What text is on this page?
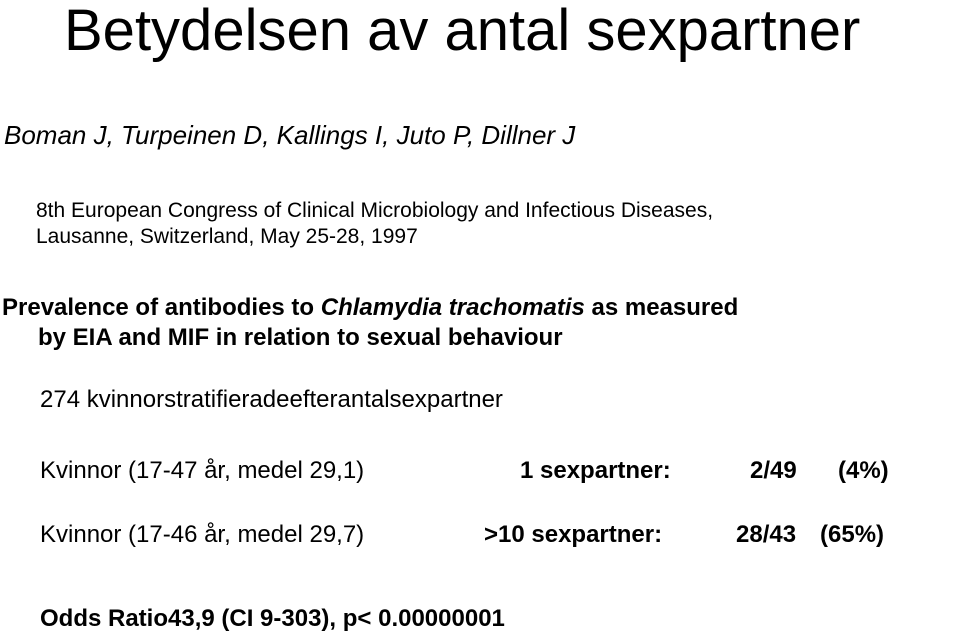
Betydelsen av antal sexpartner
Boman J, Turpeinen D, Kallings I, Juto P, Dillner J
8th European Congress of Clinical Microbiology and Infectious Diseases,
Lausanne, Switzerland, May 25-28, 1997
Prevalence of antibodies to Chlamydia trachomatis as measured
by EIA and MIF in relation to sexual behaviour
274 kvinnorstratifieradeefterantalsexpartner
Kvinnor (17-47 år, medel 29,1)	1 sexpartner:	2/49 (4%)
Kvinnor (17-46 år, medel 29,7)	>10 sexpartner:	28/43 (65%)
Odds Ratio43,9 (CI 9-303), p< 0.00000001
